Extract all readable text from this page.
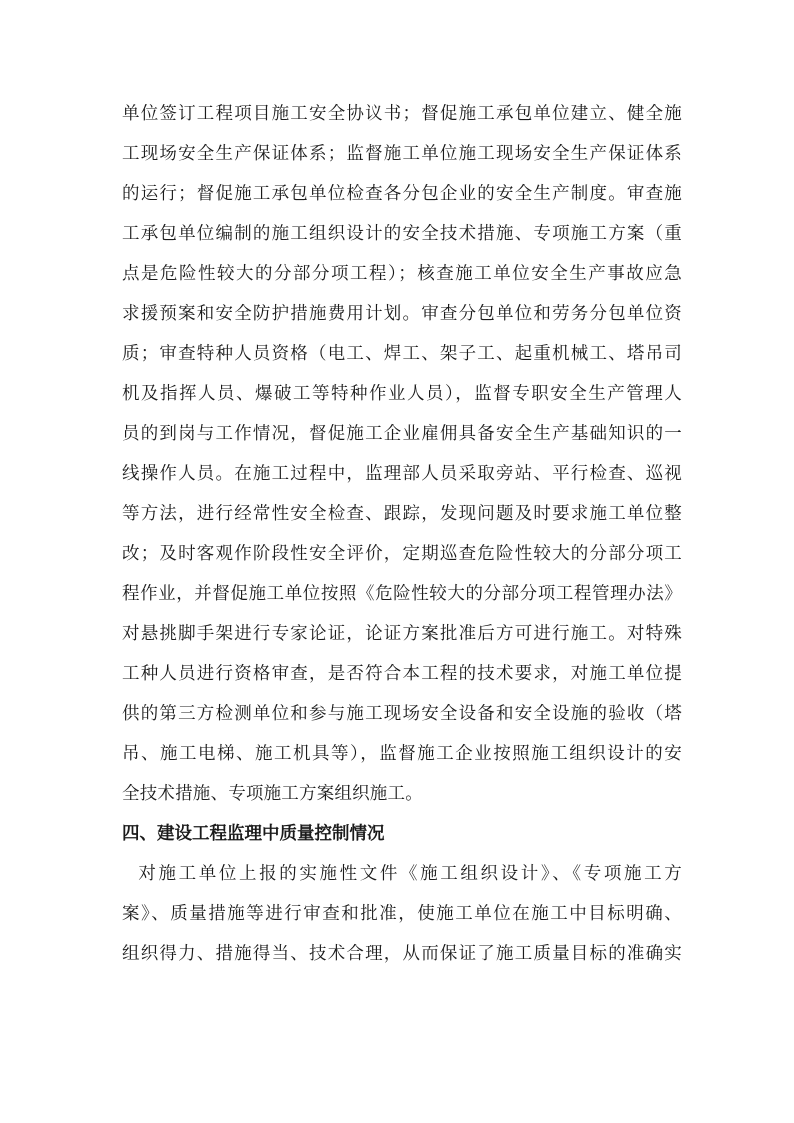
单位签订工程项目施工安全协议书；督促施工承包单位建立、健全施
工现场安全生产保证体系；监督施工单位施工现场安全生产保证体系
的运行；督促施工承包单位检查各分包企业的安全生产制度。审查施
工承包单位编制的施工组织设计的安全技术措施、专项施工方案（重
点是危险性较大的分部分项工程）；核查施工单位安全生产事故应急
求援预案和安全防护措施费用计划。审查分包单位和劳务分包单位资
质；审查特种人员资格（电工、焊工、架子工、起重机械工、塔吊司
机及指挥人员、爆破工等特种作业人员），监督专职安全生产管理人
员的到岗与工作情况，督促施工企业雇佣具备安全生产基础知识的一
线操作人员。在施工过程中，监理部人员采取旁站、平行检查、巡视
等方法，进行经常性安全检查、跟踪，发现问题及时要求施工单位整
改；及时客观作阶段性安全评价，定期巡查危险性较大的分部分项工
程作业，并督促施工单位按照《危险性较大的分部分项工程管理办法》
对悬挑脚手架进行专家论证，论证方案批准后方可进行施工。对特殊
工种人员进行资格审查，是否符合本工程的技术要求，对施工单位提
供的第三方检测单位和参与施工现场安全设备和安全设施的验收（塔
吊、施工电梯、施工机具等），监督施工企业按照施工组织设计的安
全技术措施、专项施工方案组织施工。
四、建设工程监理中质量控制情况
对施工单位上报的实施性文件《施工组织设计》、《专项施工方
案》、质量措施等进行审查和批准，使施工单位在施工中目标明确、
组织得力、措施得当、技术合理，从而保证了施工质量目标的准确实
